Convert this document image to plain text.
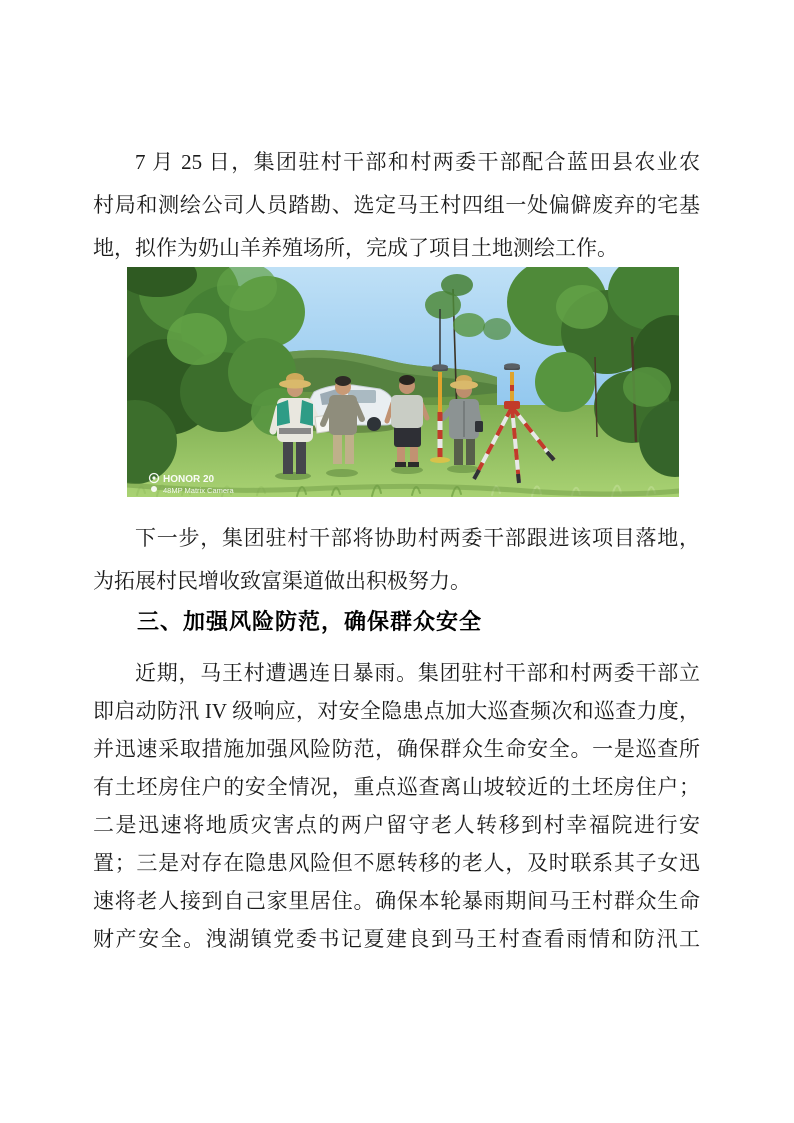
7 月 25 日，集团驻村干部和村两委干部配合蓝田县农业农
村局和测绘公司人员踏勘、选定马王村四组一处偏僻废弃的宅基
地，拟作为奶山羊养殖场所，完成了项目土地测绘工作。
HONOR 20
48MP Matrix Camera
下一步，集团驻村干部将协助村两委干部跟进该项目落地，
为拓展村民增收致富渠道做出积极努力。
三、加强风险防范，确保群众安全
近期，马王村遭遇连日暴雨。集团驻村干部和村两委干部立
即启动防汛 IV 级响应，对安全隐患点加大巡查频次和巡查力度，
并迅速采取措施加强风险防范，确保群众生命安全。一是巡查所
有土坯房住户的安全情况，重点巡查离山坡较近的土坯房住户；
二是迅速将地质灾害点的两户留守老人转移到村幸福院进行安
置；三是对存在隐患风险但不愿转移的老人，及时联系其子女迅
速将老人接到自己家里居住。确保本轮暴雨期间马王村群众生命
财产安全。洩湖镇党委书记夏建良到马王村查看雨情和防汛工
